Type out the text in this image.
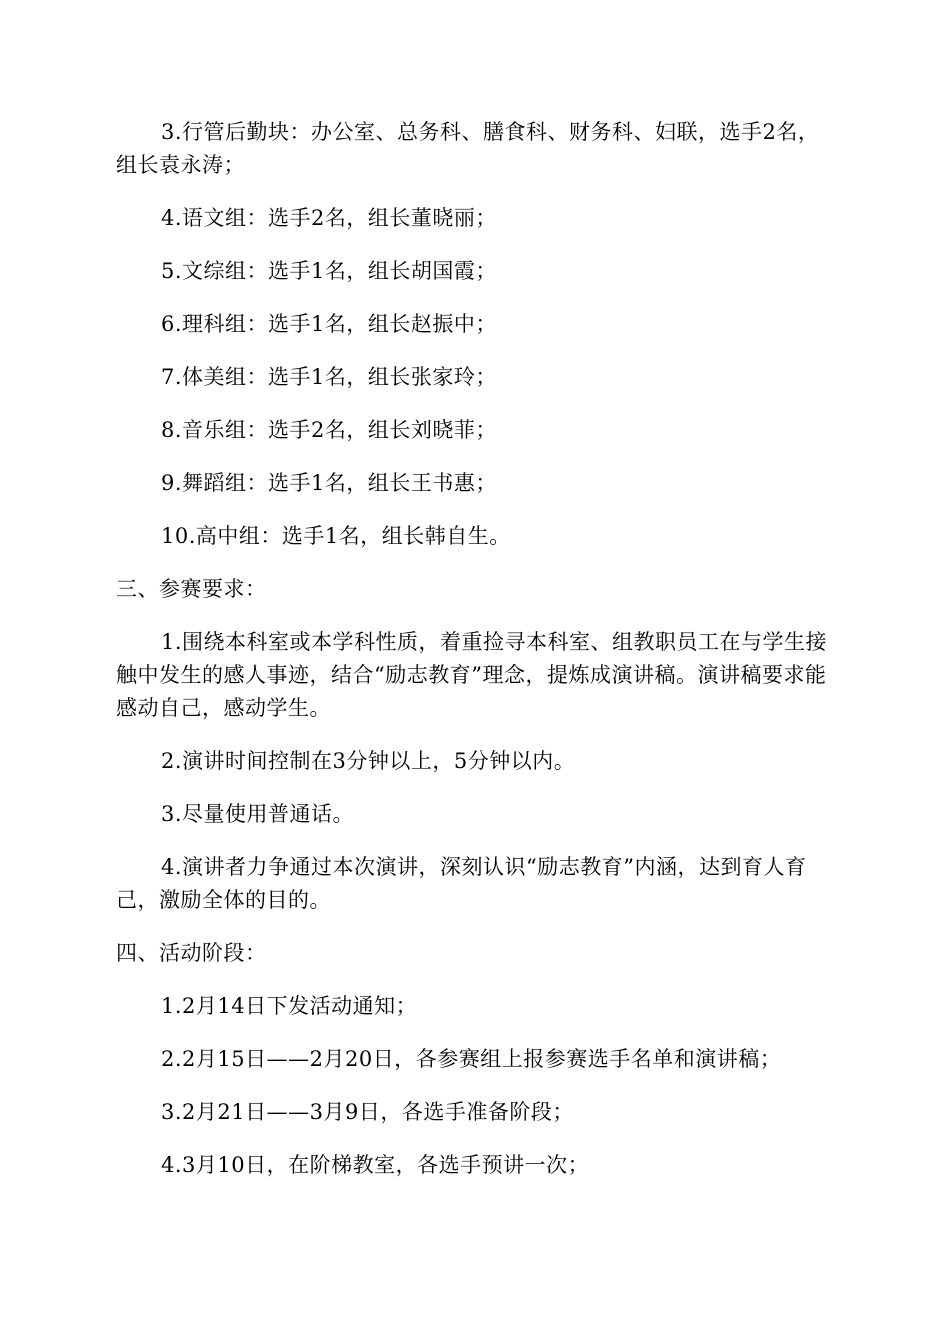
3.行管后勤块：办公室、总务科、膳食科、财务科、妇联，选手2名，组长袁永涛；

4.语文组：选手2名，组长董晓丽；

5.文综组：选手1名，组长胡国霞；

6.理科组：选手1名，组长赵振中；

7.体美组：选手1名，组长张家玲；

8.音乐组：选手2名，组长刘晓菲；

9.舞蹈组：选手1名，组长王书惠；

10.高中组：选手1名，组长韩自生。

三、参赛要求：

1.围绕本科室或本学科性质，着重捡寻本科室、组教职员工在与学生接触中发生的感人事迹，结合“励志教育”理念，提炼成演讲稿。演讲稿要求能感动自己，感动学生。

2.演讲时间控制在3分钟以上，5分钟以内。

3.尽量使用普通话。

4.演讲者力争通过本次演讲，深刻认识“励志教育”内涵，达到育人育己，激励全体的目的。

四、活动阶段：

1.2月14日下发活动通知；

2.2月15日——2月20日，各参赛组上报参赛选手名单和演讲稿；

3.2月21日——3月9日，各选手准备阶段；

4.3月10日，在阶梯教室，各选手预讲一次；
